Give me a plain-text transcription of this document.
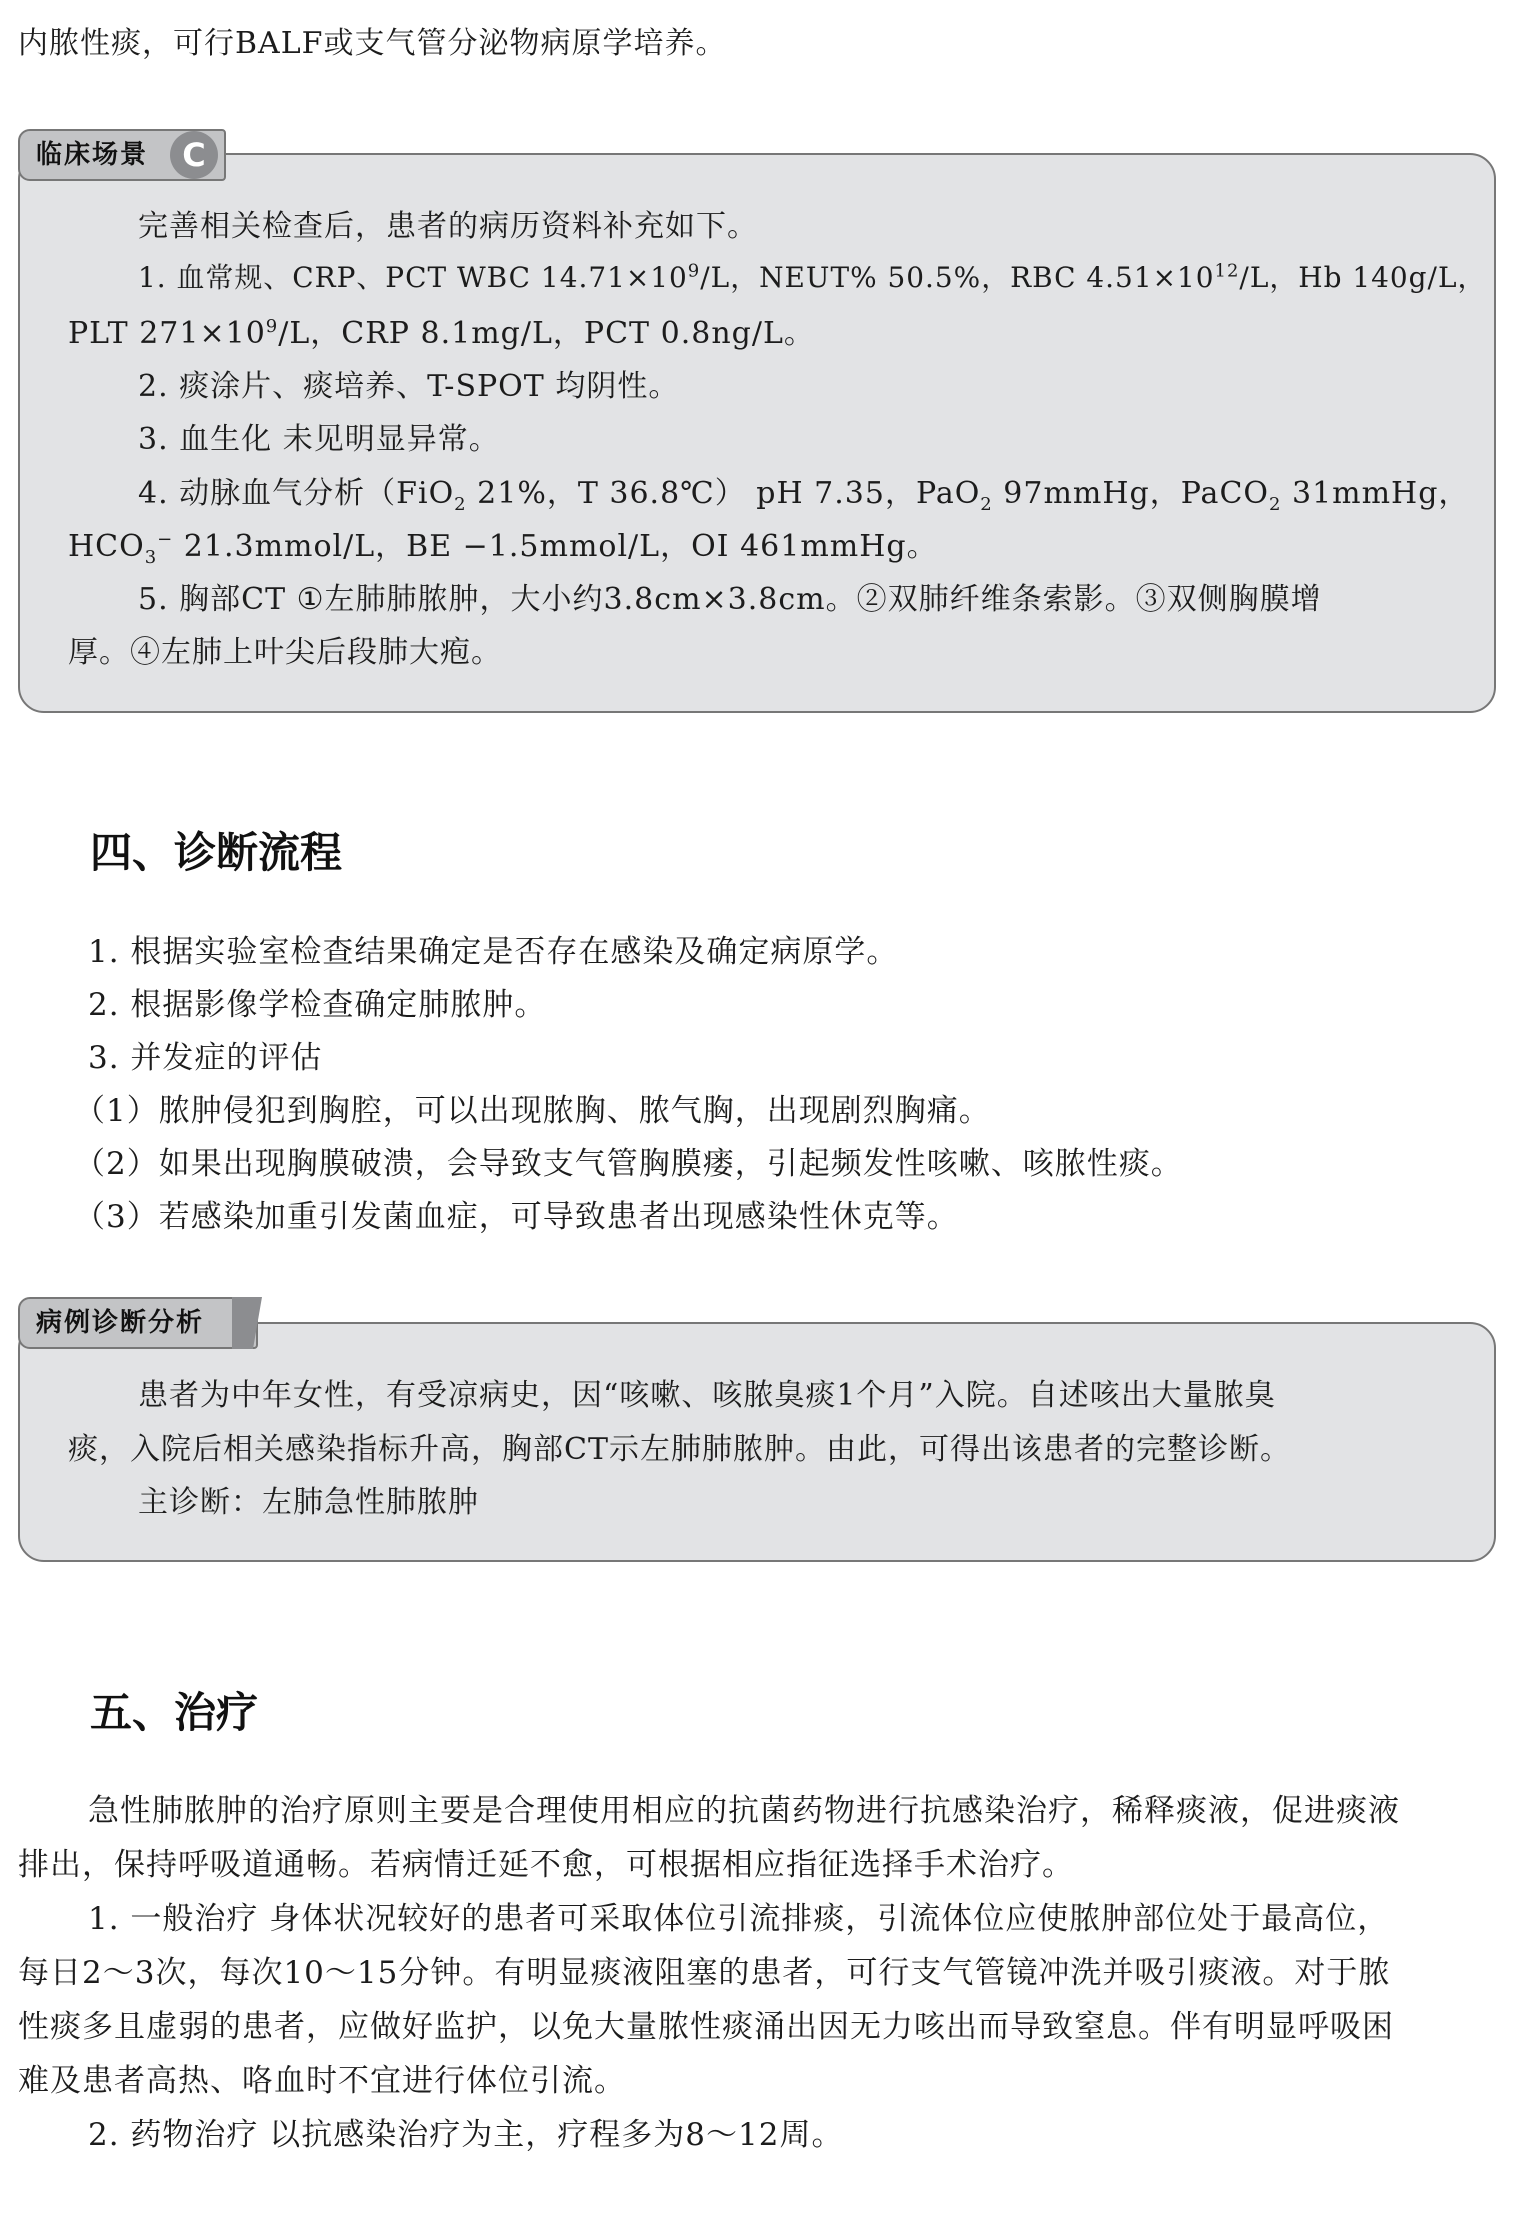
内脓性痰，可行BALF或支气管分泌物病原学培养。
完善相关检查后，患者的病历资料补充如下。
1. 血常规、CRP、PCT WBC $14.71\times 10^9/L$，NEUT% 50.5%，RBC $4.51\times 10^{12}/L$，Hb 140g/L，
PLT $271\times 10^9/L$，CRP 8.1mg/L，PCT 0.8ng/L。
2. 痰涂片、痰培养、T-SPOT 均阴性。
3. 血生化 未见明显异常。
4. 动脉血气分析（FiO$_2$ 21%，T 36.8℃） pH 7.35，PaO$_2$ 97mmHg，PaCO$_2$ 31mmHg，
$HCO_3^-$ 21.3mmol/L，BE −1.5mmol/L，OI 461mmHg。
5. 胸部CT ①左肺肺脓肿，大小约3.8cm×3.8cm。②双肺纤维条索影。③双侧胸膜增
厚。④左肺上叶尖后段肺大疱。
临床场景	C
四、诊断流程
1. 根据实验室检查结果确定是否存在感染及确定病原学。
2. 根据影像学检查确定肺脓肿。
3. 并发症的评估
（1）脓肿侵犯到胸腔，可以出现脓胸、脓气胸，出现剧烈胸痛。
（2）如果出现胸膜破溃，会导致支气管胸膜瘘，引起频发性咳嗽、咳脓性痰。
（3）若感染加重引发菌血症，可导致患者出现感染性休克等。
患者为中年女性，有受凉病史，因“咳嗽、咳脓臭痰1个月”入院。自述咳出大量脓臭
痰，入院后相关感染指标升高，胸部CT示左肺肺脓肿。由此，可得出该患者的完整诊断。
主诊断：左肺急性肺脓肿
病例诊断分析
五、治疗
急性肺脓肿的治疗原则主要是合理使用相应的抗菌药物进行抗感染治疗，稀释痰液，促进痰液
排出，保持呼吸道通畅。若病情迁延不愈，可根据相应指征选择手术治疗。
1. 一般治疗 身体状况较好的患者可采取体位引流排痰，引流体位应使脓肿部位处于最高位，
每日2～3次，每次10～15分钟。有明显痰液阻塞的患者，可行支气管镜冲洗并吸引痰液。对于脓
性痰多且虚弱的患者，应做好监护，以免大量脓性痰涌出因无力咳出而导致窒息。伴有明显呼吸困
难及患者高热、咯血时不宜进行体位引流。
2. 药物治疗 以抗感染治疗为主，疗程多为8～12周。
